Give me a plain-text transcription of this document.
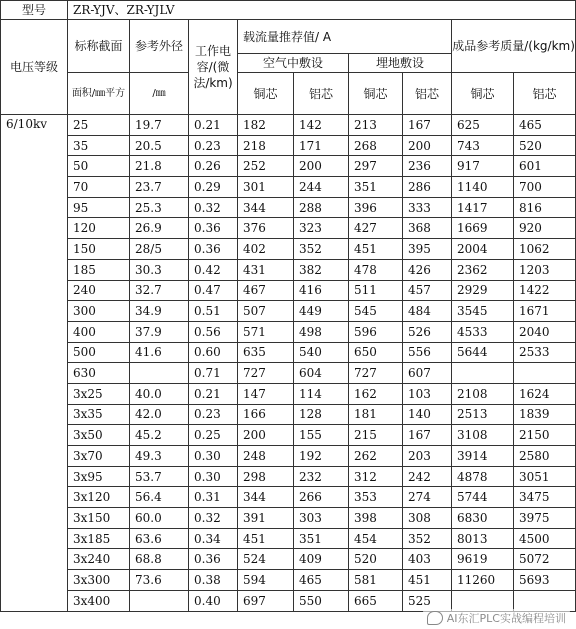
型号	ZR-YJV、ZR-YJLV								
电压等级	标称截面	参考外径	工作电容/(微法/km)	载流量推荐值/ A				成品参考质量/(kg/km)	
				空气中敷设		埋地敷设			
	面积/㎜平方	/㎜		铜芯	铝芯	铜芯	铝芯	铜芯	铝芯
6/10kv	25	19.7	0.21	182	142	213	167	625	465
	35	20.5	0.23	218	171	268	200	743	520
	50	21.8	0.26	252	200	297	236	917	601
	70	23.7	0.29	301	244	351	286	1140	700
	95	25.3	0.32	344	288	396	333	1417	816
	120	26.9	0.36	376	323	427	368	1669	920
	150	28/5	0.36	402	352	451	395	2004	1062
	185	30.3	0.42	431	382	478	426	2362	1203
	240	32.7	0.47	467	416	511	457	2929	1422
	300	34.9	0.51	507	449	545	484	3545	1671
	400	37.9	0.56	571	498	596	526	4533	2040
	500	41.6	0.60	635	540	650	556	5644	2533
	630		0.71	727	604	727	607		
	3x25	40.0	0.21	147	114	162	103	2108	1624
	3x35	42.0	0.23	166	128	181	140	2513	1839
	3x50	45.2	0.25	200	155	215	167	3108	2150
	3x70	49.3	0.30	248	192	262	203	3914	2580
	3x95	53.7	0.30	298	232	312	242	4878	3051
	3x120	56.4	0.31	344	266	353	274	5744	3475
	3x150	60.0	0.32	391	303	398	308	6830	3975
	3x185	63.6	0.34	451	351	454	352	8013	4500
	3x240	68.8	0.36	524	409	520	403	9619	5072
	3x300	73.6	0.38	594	465	581	451	11260	5693
	3x400		0.40	697	550	665	525		
AI东汇PLC实战编程培训
